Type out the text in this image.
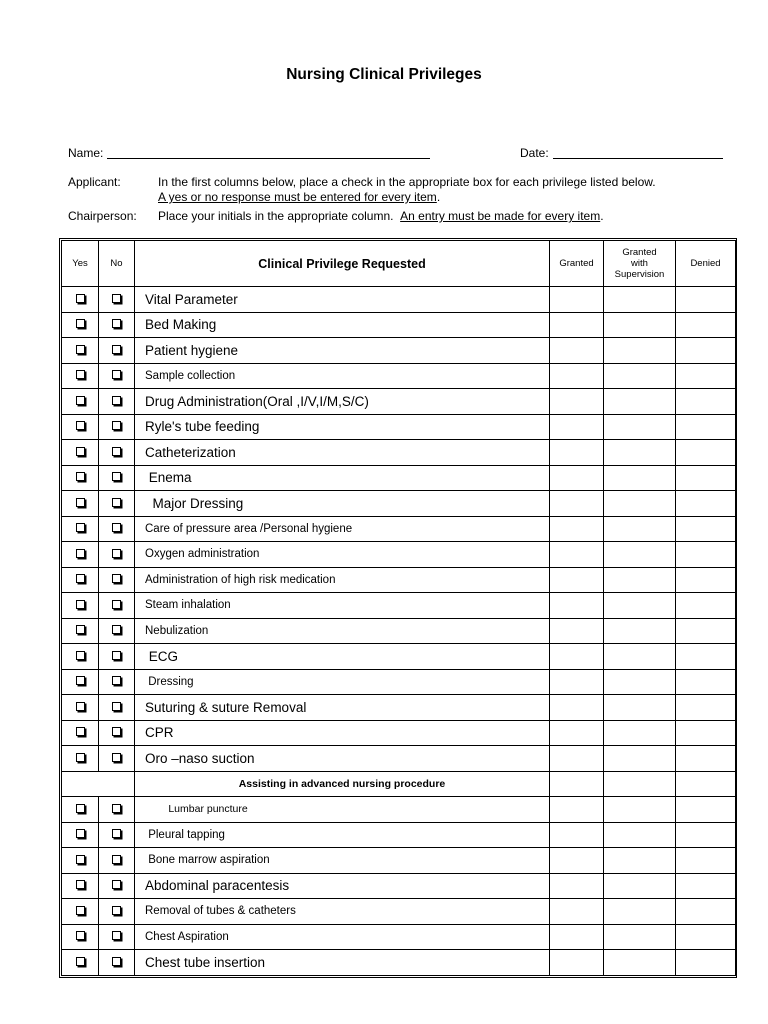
Nursing Clinical Privileges
Name:	Date:
Applicant:	In the first columns below, place a check in the appropriate box for each privilege listed below.
A yes or no response must be entered for every item.
Chairperson: Place your initials in the appropriate column. An entry must be made for every item.
Yes	No	Clinical Privilege Requested	Granted	Granted
with
Supervision	Denied
		Vital Parameter			
		Bed Making			
		Patient hygiene			
		Sample collection			
		Drug Administration(Oral ,I/V,I/M,S/C)			
		Ryle's tube feeding			
		Catheterization			
		Enema			
		Major Dressing			
		Care of pressure area /Personal hygiene			
		Oxygen administration			
		Administration of high risk medication			
		Steam inhalation			
		Nebulization			
		ECG			
		Dressing			
		Suturing & suture Removal			
		CPR			
		Oro –naso suction			
		Assisting in advanced nursing procedure			
		Lumbar puncture			
		Pleural tapping			
		Bone marrow aspiration			
		Abdominal paracentesis			
		Removal of tubes & catheters			
		Chest Aspiration			
		Chest tube insertion			
